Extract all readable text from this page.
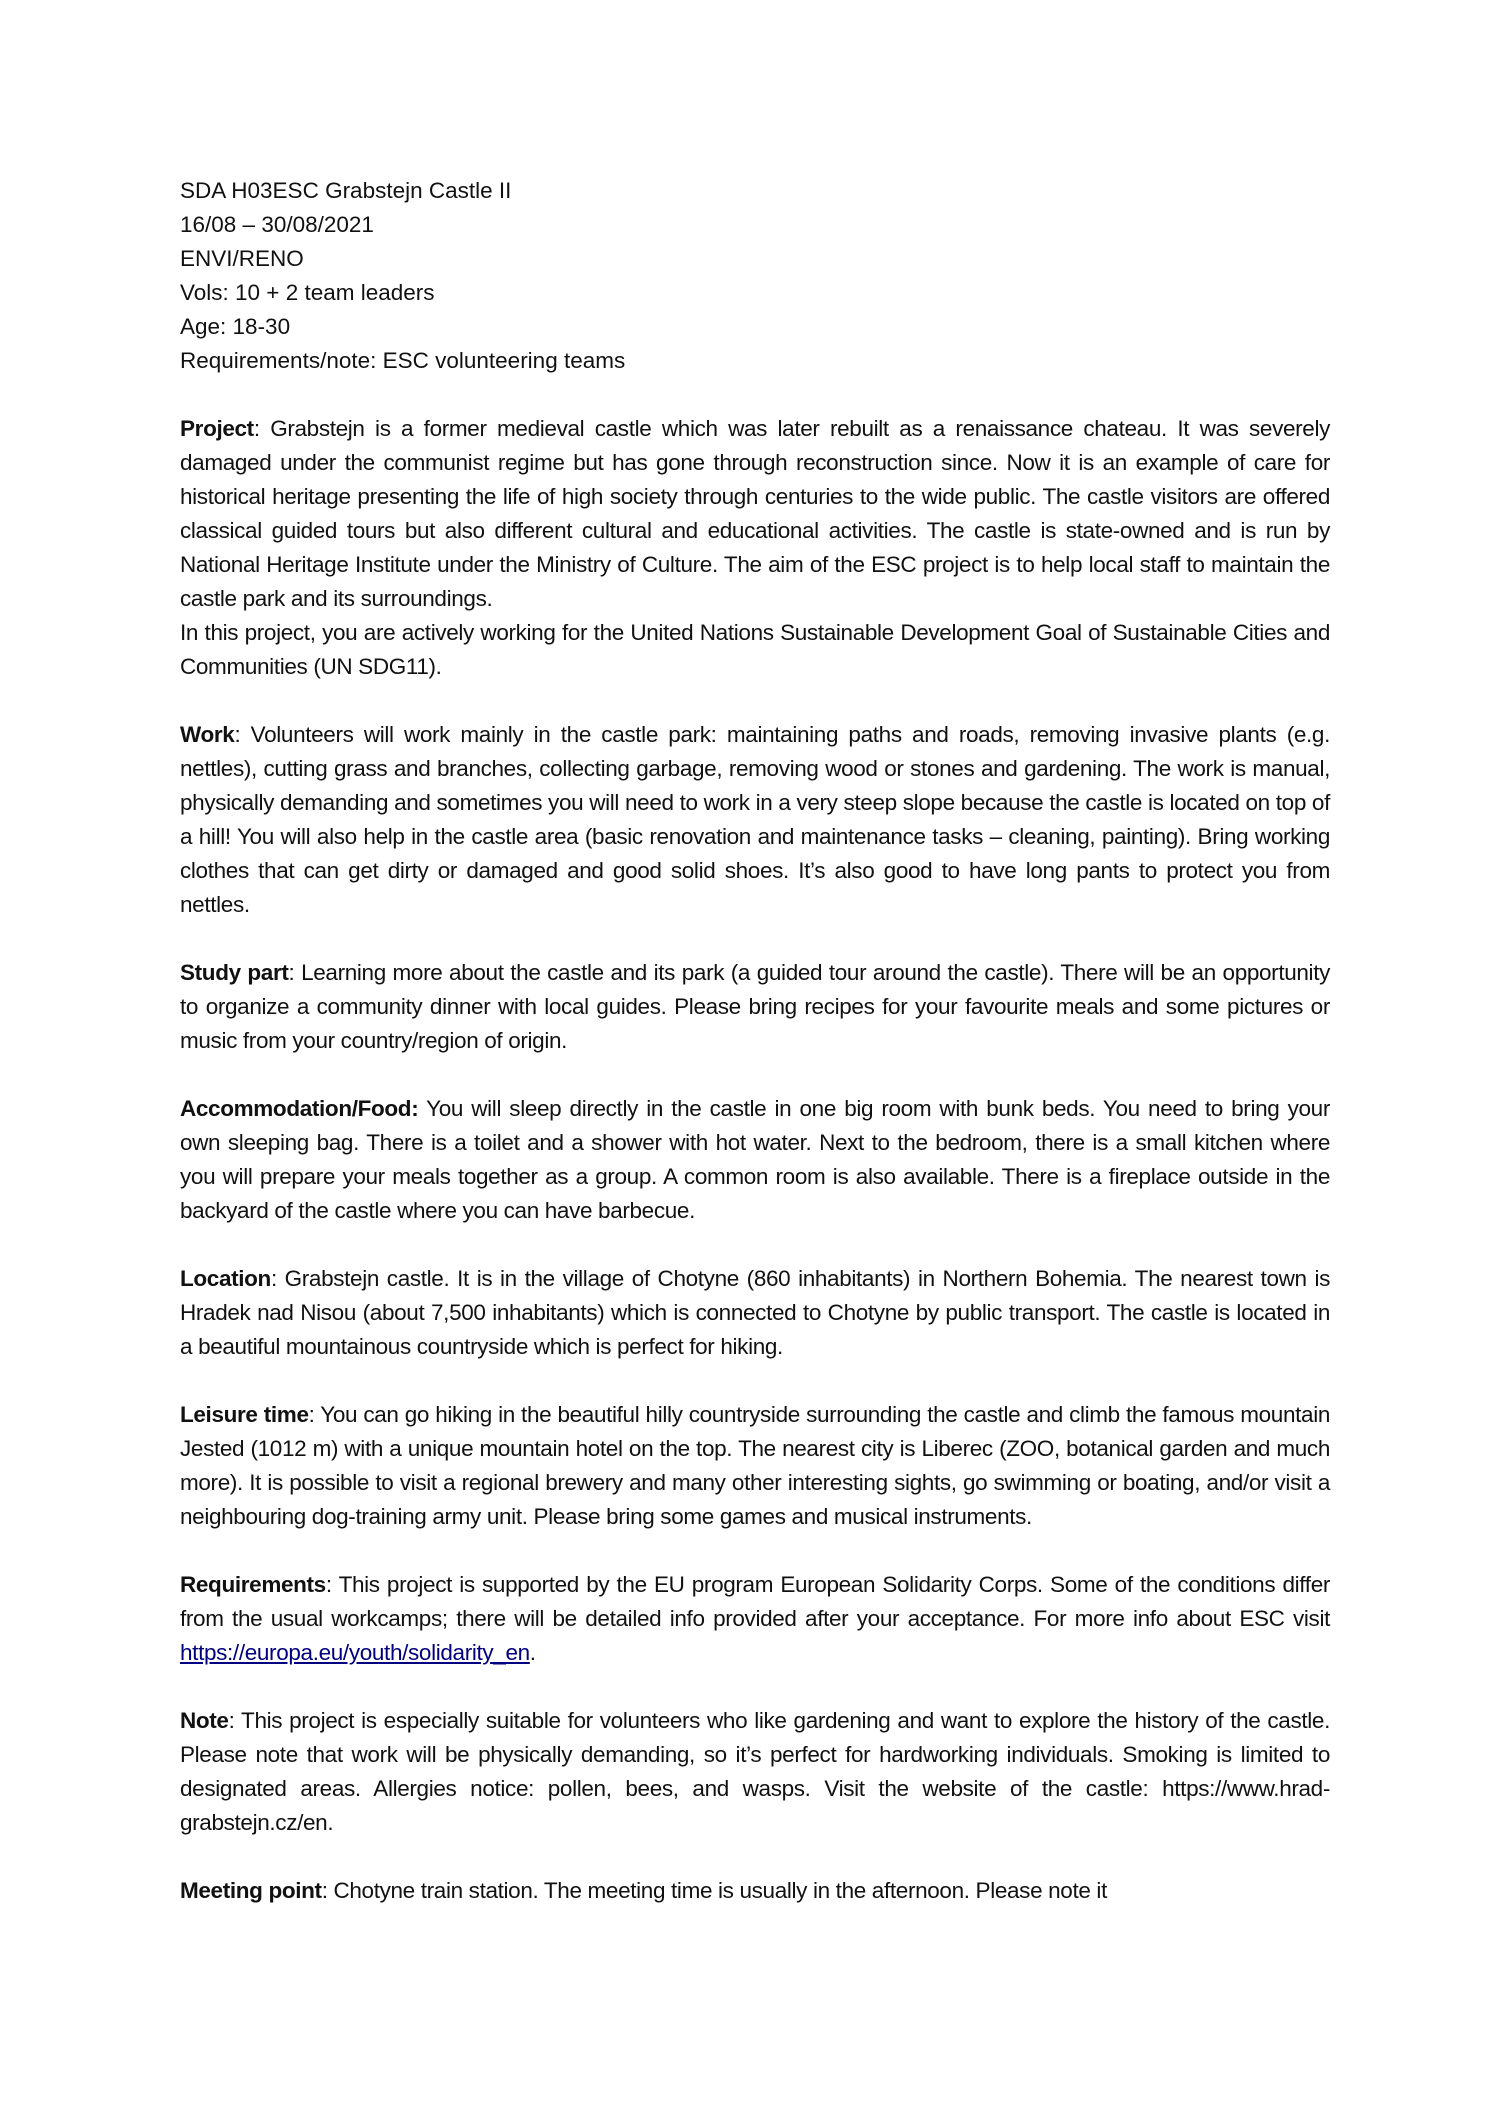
SDA H03ESC Grabstejn Castle II
16/08 – 30/08/2021
ENVI/RENO
Vols: 10 + 2 team leaders
Age: 18-30
Requirements/note: ESC volunteering teams

Project: Grabstejn is a former medieval castle which was later rebuilt as a renaissance chateau. It was severely damaged under the communist regime but has gone through reconstruction since. Now it is an example of care for historical heritage presenting the life of high society through centuries to the wide public. The castle visitors are offered classical guided tours but also different cultural and educational activities. The castle is state-owned and is run by National Heritage Institute under the Ministry of Culture. The aim of the ESC project is to help local staff to maintain the castle park and its surroundings.

In this project, you are actively working for the United Nations Sustainable Development Goal of Sustainable Cities and Communities (UN SDG11).

Work: Volunteers will work mainly in the castle park: maintaining paths and roads, removing invasive plants (e.g. nettles), cutting grass and branches, collecting garbage, removing wood or stones and gardening. The work is manual, physically demanding and sometimes you will need to work in a very steep slope because the castle is located on top of a hill! You will also help in the castle area (basic renovation and maintenance tasks – cleaning, painting). Bring working clothes that can get dirty or damaged and good solid shoes. It’s also good to have long pants to protect you from nettles.

Study part: Learning more about the castle and its park (a guided tour around the castle). There will be an opportunity to organize a community dinner with local guides. Please bring recipes for your favourite meals and some pictures or music from your country/region of origin.

Accommodation/Food: You will sleep directly in the castle in one big room with bunk beds. You need to bring your own sleeping bag. There is a toilet and a shower with hot water. Next to the bedroom, there is a small kitchen where you will prepare your meals together as a group. A common room is also available. There is a fireplace outside in the backyard of the castle where you can have barbecue.

Location: Grabstejn castle. It is in the village of Chotyne (860 inhabitants) in Northern Bohemia. The nearest town is Hradek nad Nisou (about 7,500 inhabitants) which is connected to Chotyne by public transport. The castle is located in a beautiful mountainous countryside which is perfect for hiking.

Leisure time: You can go hiking in the beautiful hilly countryside surrounding the castle and climb the famous mountain Jested (1012 m) with a unique mountain hotel on the top. The nearest city is Liberec (ZOO, botanical garden and much more). It is possible to visit a regional brewery and many other interesting sights, go swimming or boating, and/or visit a neighbouring dog-training army unit. Please bring some games and musical instruments.

Requirements: This project is supported by the EU program European Solidarity Corps. Some of the conditions differ from the usual workcamps; there will be detailed info provided after your acceptance. For more info about ESC visit https://europa.eu/youth/solidarity_en.

Note: This project is especially suitable for volunteers who like gardening and want to explore the history of the castle. Please note that work will be physically demanding, so it’s perfect for hardworking individuals. Smoking is limited to designated areas. Allergies notice: pollen, bees, and wasps. Visit the website of the castle: https://www.hrad-grabstejn.cz/en.

Meeting point: Chotyne train station. The meeting time is usually in the afternoon. Please note it
